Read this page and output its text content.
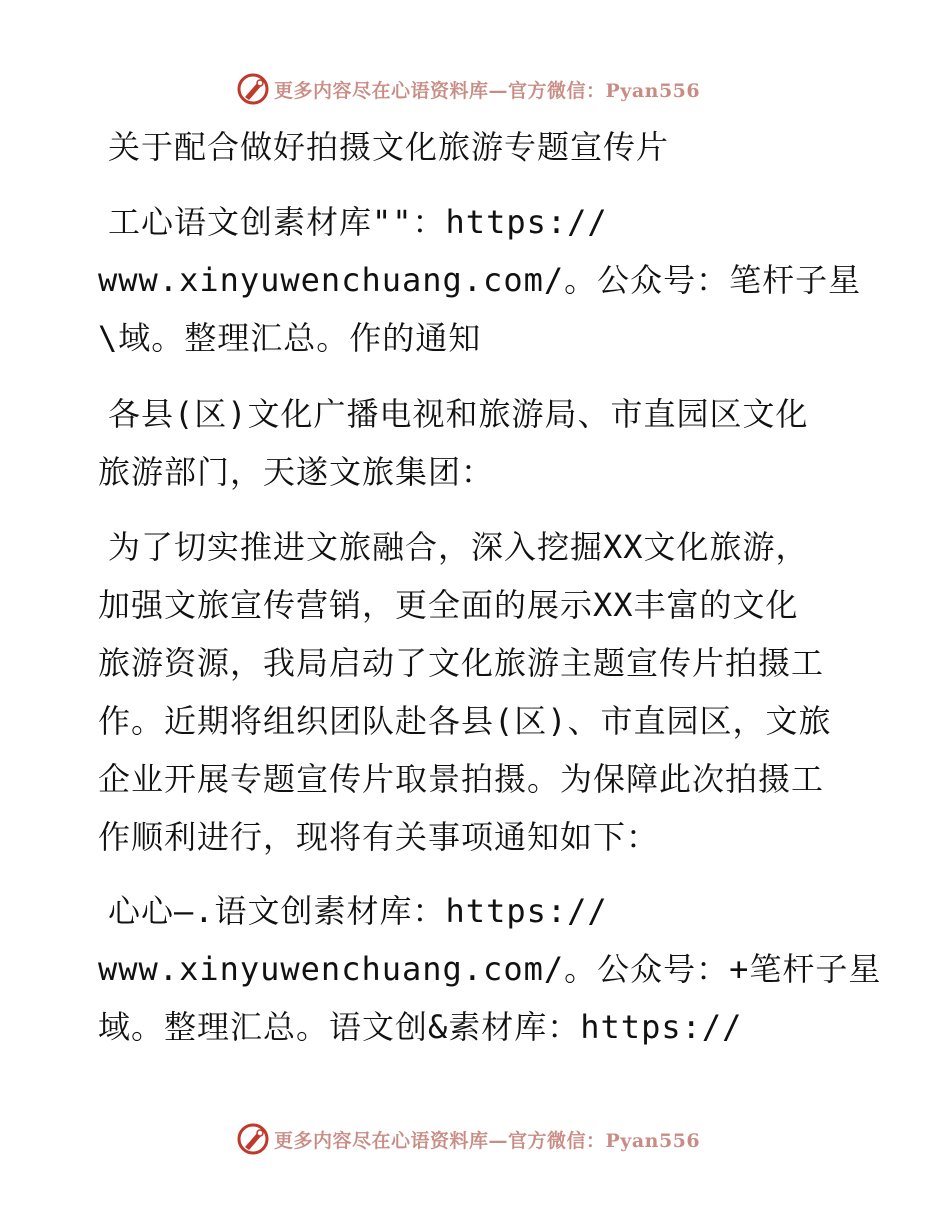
更多内容尽在心语资料库—官方微信：Pyan556
关于配合做好拍摄文化旅游专题宣传片
工心语文创素材库""：https://
www.xinyuwenchuang.com/。公众号：笔杆子星
\域。整理汇总。作的通知
各县(区)文化广播电视和旅游局、市直园区文化
旅游部门，天遂文旅集团：
为了切实推进文旅融合，深入挖掘XX文化旅游，
加强文旅宣传营销，更全面的展示XX丰富的文化
旅游资源，我局启动了文化旅游主题宣传片拍摄工
作。近期将组织团队赴各县(区)、市直园区，文旅
企业开展专题宣传片取景拍摄。为保障此次拍摄工
作顺利进行，现将有关事项通知如下：
心心—.语文创素材库：https://
www.xinyuwenchuang.com/。公众号：+笔杆子星
域。整理汇总。语文创&素材库：https://
更多内容尽在心语资料库—官方微信：Pyan556
